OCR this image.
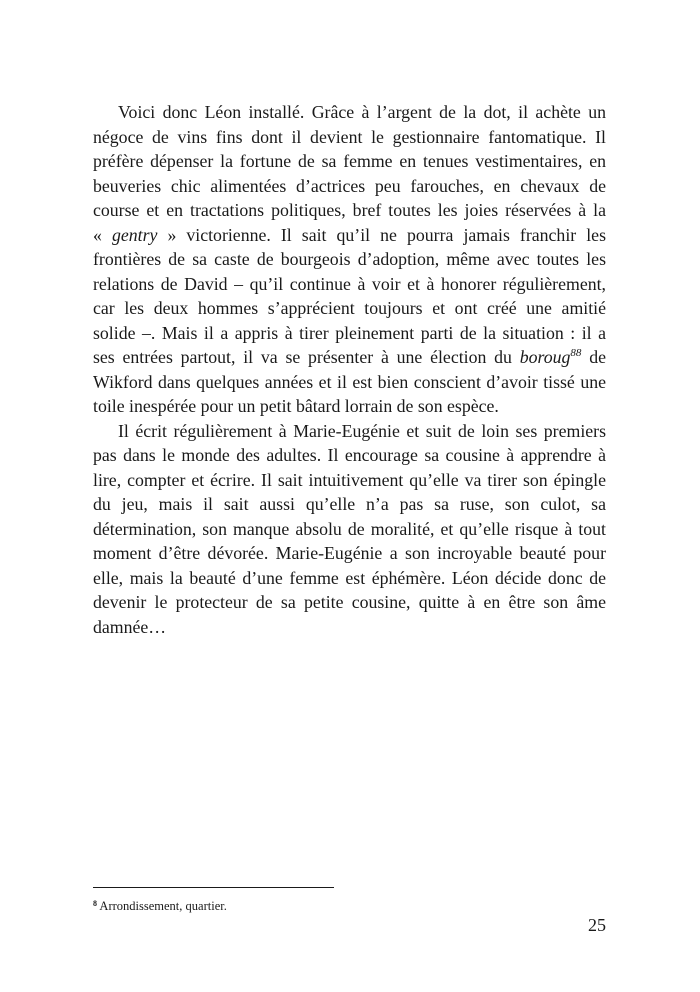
Voici donc Léon installé. Grâce à l’argent de la dot, il achète un
négoce de vins fins dont il devient le gestionnaire fantomatique. Il
préfère dépenser la fortune de sa femme en tenues vestimentaires, en
beuveries chic alimentées d’actrices peu farouches, en chevaux de
course et en tractations politiques, bref toutes les joies réservées à la
« gentry » victorienne. Il sait qu’il ne pourra jamais franchir les
frontières de sa caste de bourgeois d’adoption, même avec toutes les
relations de David – qu’il continue à voir et à honorer régulièrement,
car les deux hommes s’apprécient toujours et ont créé une amitié
solide –. Mais il a appris à tirer pleinement parti de la situation : il a
ses entrées partout, il va se présenter à une élection du boroug$^{88}$ de
Wikford dans quelques années et il est bien conscient d’avoir tissé une
toile inespérée pour un petit bâtard lorrain de son espèce.
Il écrit régulièrement à Marie-Eugénie et suit de loin ses premiers
pas dans le monde des adultes. Il encourage sa cousine à apprendre à
lire, compter et écrire. Il sait intuitivement qu’elle va tirer son épingle
du jeu, mais il sait aussi qu’elle n’a pas sa ruse, son culot, sa
détermination, son manque absolu de moralité, et qu’elle risque à tout
moment d’être dévorée. Marie-Eugénie a son incroyable beauté pour
elle, mais la beauté d’une femme est éphémère. Léon décide donc de
devenir le protecteur de sa petite cousine, quitte à en être son âme
damnée…
$^8$ Arrondissement, quartier.
25
